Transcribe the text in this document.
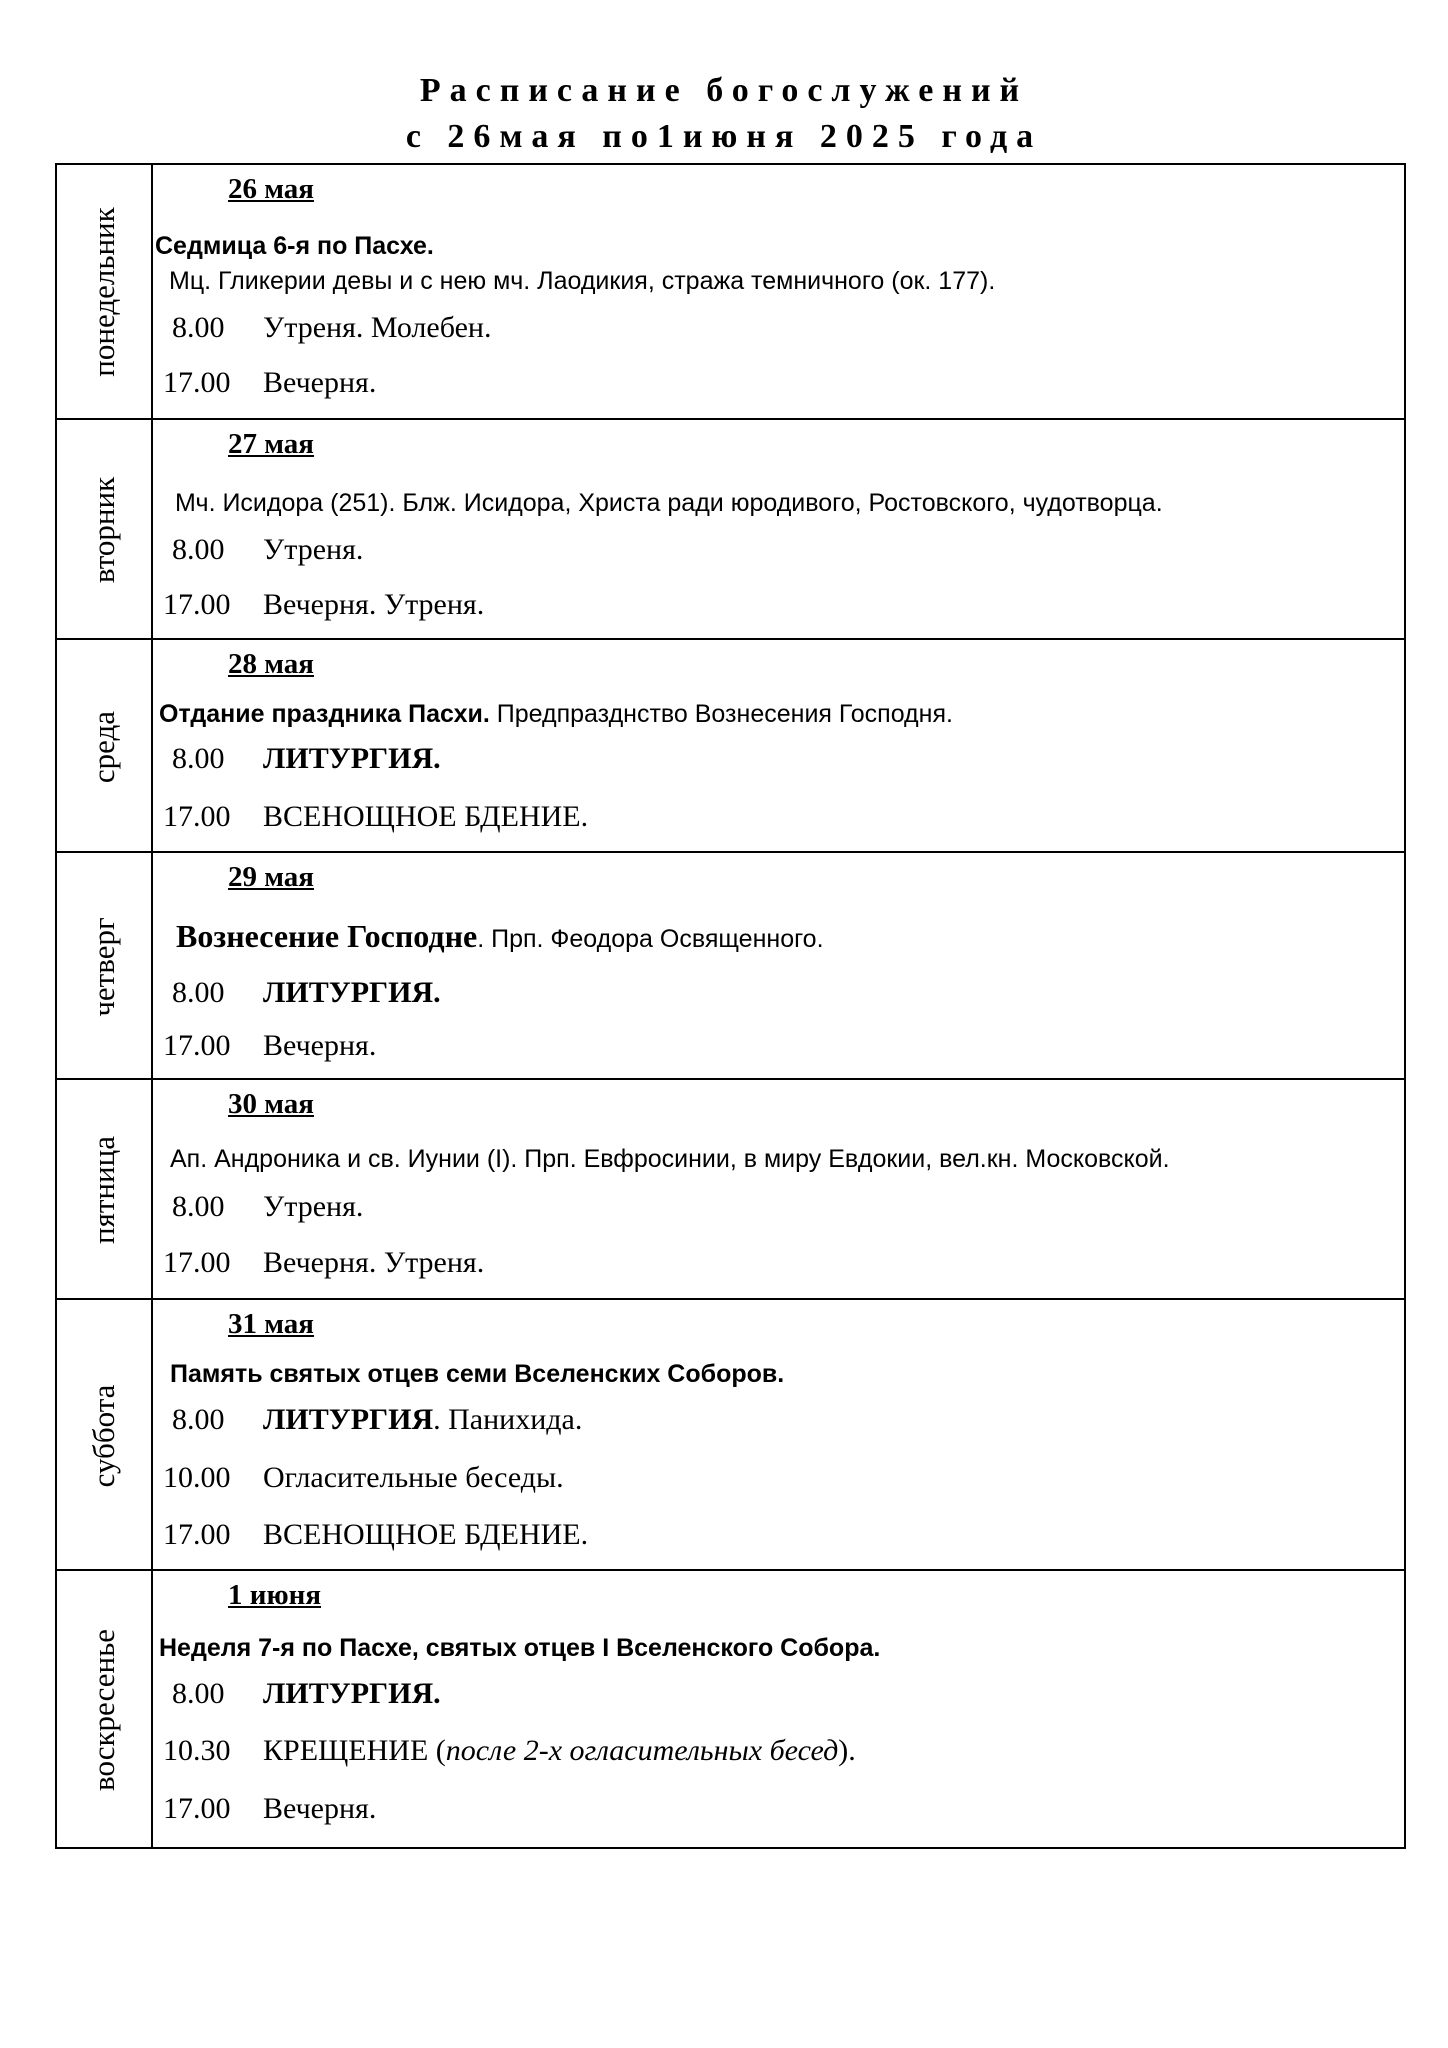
Расписание богослужений
с 26мая по1июня 2025 года
понедельник
26 мая
Седмица 6-я по Пасхе.
Мц. Гликерии девы и с нею мч. Лаодикия, стража темничного (ок. 177).
8.00 Утреня. Молебен.
17.00 Вечерня.
вторник
27 мая
Мч. Исидора (251). Блж. Исидора, Христа ради юродивого, Ростовского, чудотворца.
8.00 Утреня.
17.00 Вечерня. Утреня.
среда
28 мая
Отдание праздника Пасхи. Предпразднство Вознесения Господня.
8.00 ЛИТУРГИЯ.
17.00 ВСЕНОЩНОЕ БДЕНИЕ.
четверг
29 мая
Вознесение Господне. Прп. Феодора Освященного.
8.00 ЛИТУРГИЯ.
17.00 Вечерня.
пятница
30 мая
Ап. Андроника и св. Иунии (I). Прп. Евфросинии, в миру Евдокии, вел.кн. Московской.
8.00 Утреня.
17.00 Вечерня. Утреня.
суббота
31 мая
Память святых отцев семи Вселенских Соборов.
8.00 ЛИТУРГИЯ. Панихида.
10.00 Огласительные беседы.
17.00 ВСЕНОЩНОЕ БДЕНИЕ.
воскресенье
1 июня
Неделя 7-я по Пасхе, святых отцев I Вселенского Собора.
8.00 ЛИТУРГИЯ.
10.30 КРЕЩЕНИЕ (после 2-х огласительных бесед).
17.00 Вечерня.
